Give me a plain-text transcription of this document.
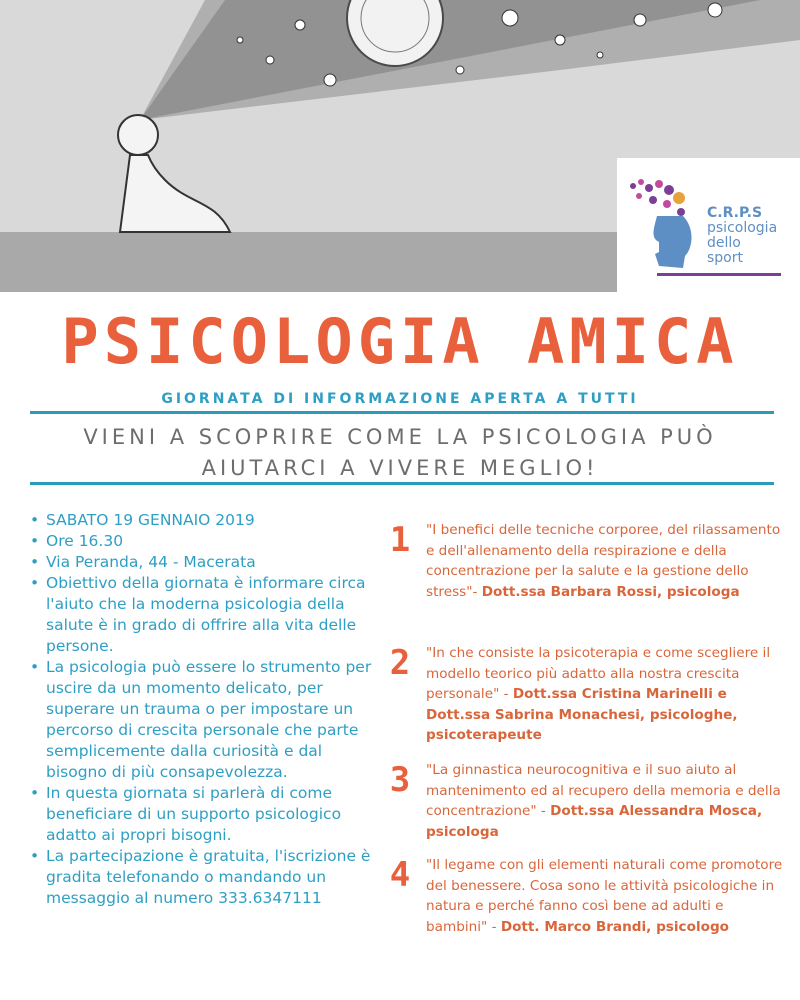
C.R.P.S
psicologia
dello
sport
PSICOLOGIA AMICA

GIORNATA DI INFORMAZIONE APERTA A TUTTI

VIENI A SCOPRIRE COME LA PSICOLOGIA PUÒ
AIUTARCI A VIVERE MEGLIO!

• SABATO 19 GENNAIO 2019
• Ore 16.30
• Via Peranda, 44 - Macerata
• Obiettivo della giornata è informare circa l'aiuto che la moderna psicologia della salute è in grado di offrire alla vita delle persone.
• La psicologia può essere lo strumento per uscire da un momento delicato, per superare un trauma o per impostare un percorso di crescita personale che parte semplicemente dalla curiosità e dal bisogno di più consapevolezza.
• In questa giornata si parlerà di come beneficiare di un supporto psicologico adatto ai propri bisogni.
• La partecipazione è gratuita, l'iscrizione è gradita telefonando o mandando un messaggio al numero 333.6347111
1 "I benefici delle tecniche corporee, del rilassamento e dell'allenamento della respirazione e della concentrazione per la salute e la gestione dello stress"- Dott.ssa Barbara Rossi, psicologa
2 "In che consiste la psicoterapia e come scegliere il modello teorico più adatto alla nostra crescita personale" - Dott.ssa Cristina Marinelli e Dott.ssa Sabrina Monachesi, psicologhe, psicoterapeute
3 "La ginnastica neurocognitiva e il suo aiuto al mantenimento ed al recupero della memoria e della concentrazione" - Dott.ssa Alessandra Mosca, psicologa
4 "Il legame con gli elementi naturali come promotore del benessere. Cosa sono le attività psicologiche in natura e perché fanno così bene ad adulti e bambini" - Dott. Marco Brandi, psicologo
